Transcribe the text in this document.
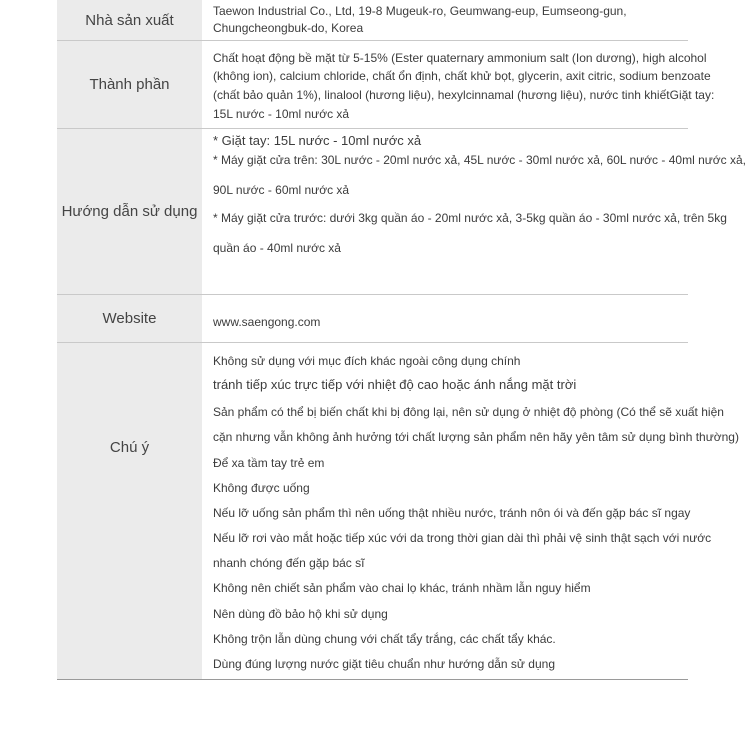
Nhà sản xuất
Taewon Industrial Co., Ltd, 19-8 Mugeuk-ro, Geumwang-eup, Eumseong-gun,
Chungcheongbuk-do, Korea
Thành phần
Chất hoạt động bề mặt từ 5-15% (Ester quaternary ammonium salt (Ion dương), high alcohol
(không ion), calcium chloride, chất ổn định, chất khử bọt, glycerin, axit citric, sodium benzoate
(chất bảo quản 1%), linalool (hương liệu), hexylcinnamal (hương liệu), nước tinh khiếtGiặt tay:
15L nước - 10ml nước xả
Hướng dẫn sử dụng
* Giặt tay: 15L nước - 10ml nước xả
* Máy giặt cửa trên: 30L nước - 20ml nước xả, 45L nước - 30ml nước xả, 60L nước - 40ml nước xả,
90L nước - 60ml nước xả
* Máy giặt cửa trước: dưới 3kg quần áo - 20ml nước xả, 3-5kg quần áo - 30ml nước xả, trên 5kg
quần áo - 40ml nước xả
Website	www.saengong.com
Chú ý
Không sử dụng với mục đích khác ngoài công dụng chính
tránh tiếp xúc trực tiếp với nhiệt độ cao hoặc ánh nắng mặt trời
Sản phẩm có thể bị biến chất khi bị đông lại, nên sử dụng ở nhiệt độ phòng (Có thể sẽ xuất hiện
cặn nhưng vẫn không ảnh hưởng tới chất lượng sản phẩm nên hãy yên tâm sử dụng bình thường)
Để xa tầm tay trẻ em
Không được uống
Nếu lỡ uống sản phẩm thì nên uống thật nhiều nước, tránh nôn ói và đến gặp bác sĩ ngay
Nếu lỡ rơi vào mắt hoặc tiếp xúc với da trong thời gian dài thì phải vệ sinh thật sạch với nước
nhanh chóng đến gặp bác sĩ
Không nên chiết sản phẩm vào chai lọ khác, tránh nhầm lẫn nguy hiểm
Nên dùng đồ bảo hộ khi sử dụng
Không trộn lẫn dùng chung với chất tẩy trắng, các chất tẩy khác.
Dùng đúng lượng nước giặt tiêu chuẩn như hướng dẫn sử dụng
